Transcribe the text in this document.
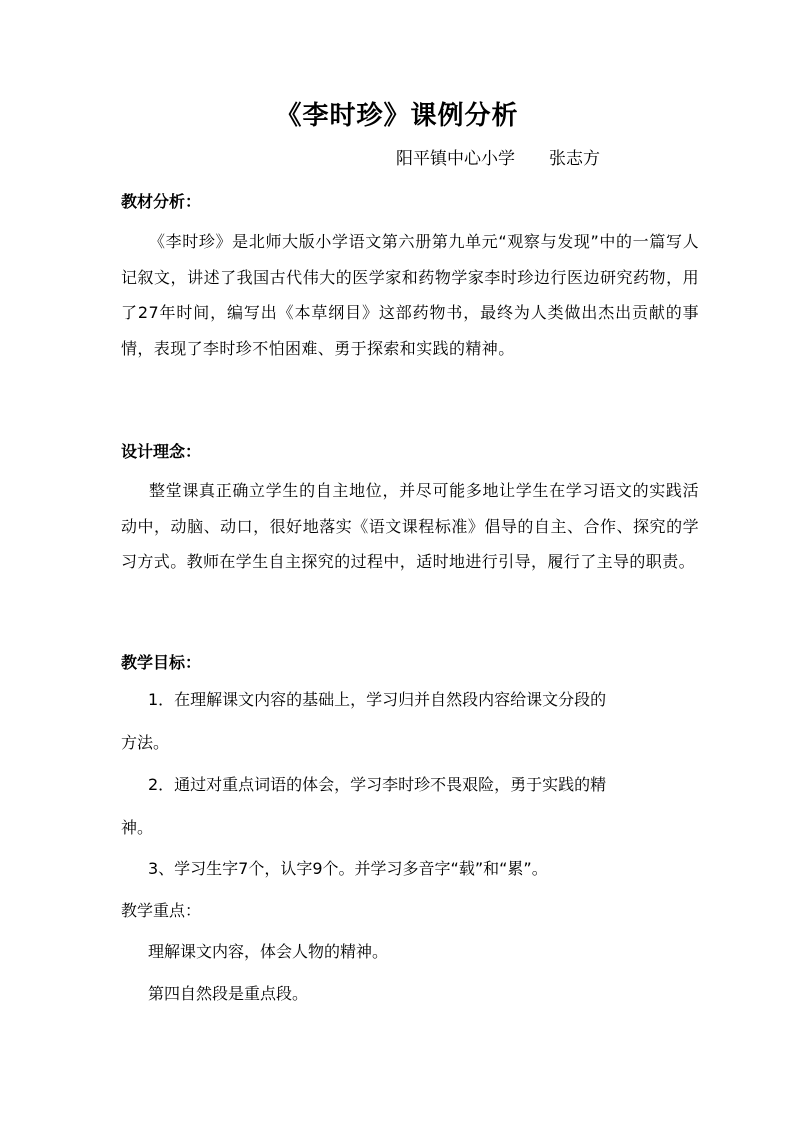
《李时珍》课例分析
阳平镇中心小学 张志方
教材分析：
《李时珍》是北师大版小学语文第六册第九单元“观察与发现”中的一篇写人记叙文，讲述了我国古代伟大的医学家和药物学家李时珍边行医边研究药物，用了27年时间，编写出《本草纲目》这部药物书，最终为人类做出杰出贡献的事情，表现了李时珍不怕困难、勇于探索和实践的精神。
设计理念：
整堂课真正确立学生的自主地位，并尽可能多地让学生在学习语文的实践活动中，动脑、动口，很好地落实《语文课程标准》倡导的自主、合作、探究的学习方式。教师在学生自主探究的过程中，适时地进行引导，履行了主导的职责。
教学目标：
1．在理解课文内容的基础上，学习归并自然段内容给课文分段的
方法。
2．通过对重点词语的体会，学习李时珍不畏艰险，勇于实践的精
神。
3、学习生字7个，认字9个。并学习多音字“载”和“累”。
教学重点：
理解课文内容，体会人物的精神。
第四自然段是重点段。
